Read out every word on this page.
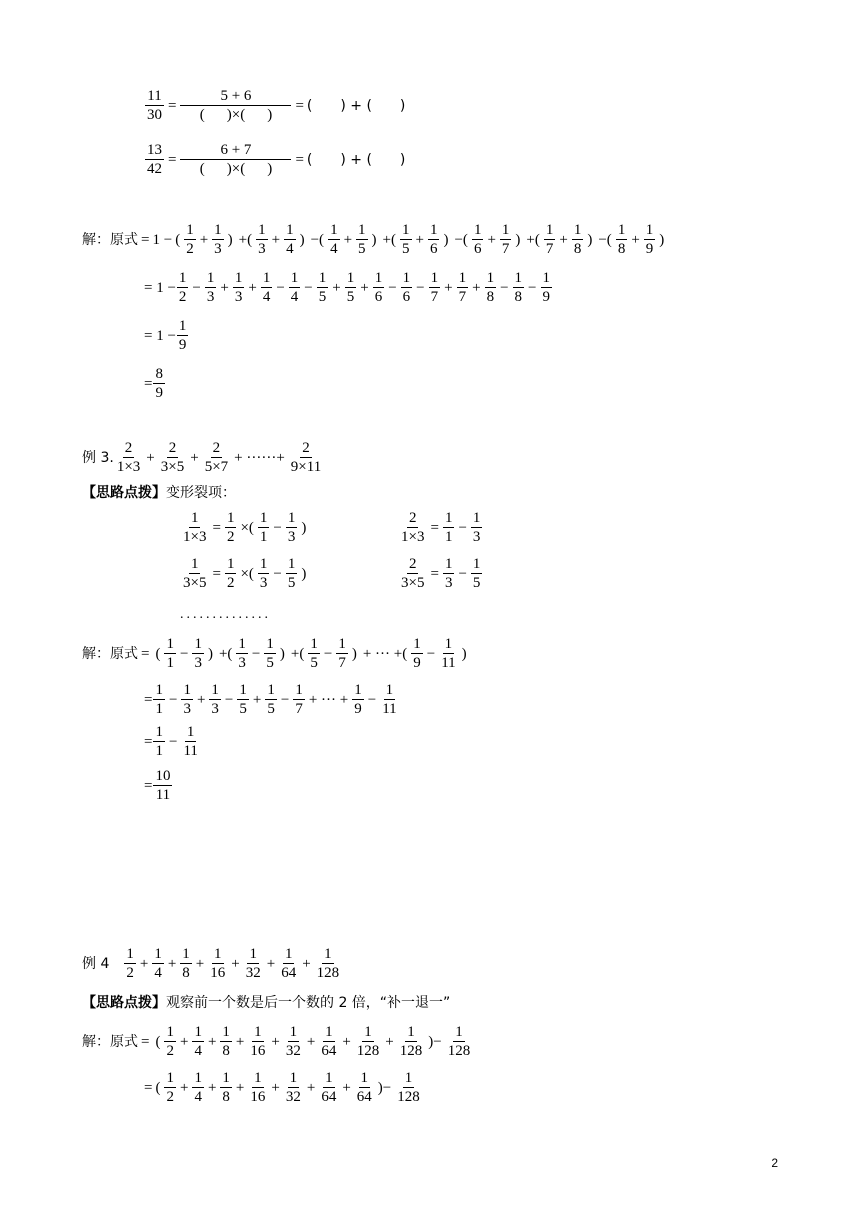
$\frac{11}{30}$ =
5 + 6
( )×( )
= (　　) + (　　)
$\frac{13}{42}$ =
6 + 7
( )×( )
= (　　) + (　　)
解：原式 = 1 − (
1
2
+ $\frac{1}{3}$ ) +(
1
3
+ $\frac{1}{4}$ ) −(
1
4
+ $\frac{1}{5}$ ) +(
1
5
+ $\frac{1}{6}$ ) −(
1
6
+ $\frac{1}{7}$ ) +(
1
7
+ $\frac{1}{8}$ ) −(
1
8
+ $\frac{1}{9}$ )
= $1 - \frac{1}{2} - \frac{1}{3} + \frac{1}{3} + \frac{1}{4} - \frac{1}{4} - \frac{1}{5} + \frac{1}{5} + \frac{1}{6} - \frac{1}{6} - \frac{1}{7} + \frac{1}{7} + \frac{1}{8} - \frac{1}{8} - \frac{1}{9}$
= $1 - \frac{1}{9}$
= $\frac{8}{9}$
例 3.
2
1×3
+ $\frac{2}{3\times 5} + \frac{2}{5\times 7}$ + ······+ $\frac{2}{9\times 11}$
【思路点拨】 变形裂项：
$\frac{1}{1\times 3} = \frac{1}{2}$ ×(
1
1
− $\frac{1}{3}$ )
$\frac{1}{3\times 5} = \frac{1}{2}$ ×(
1
3
− $\frac{1}{5}$ )
$\frac{2}{1\times 3} = \frac{1}{1} - \frac{1}{3}$
$\frac{2}{3\times 5} = \frac{1}{3} - \frac{1}{5}$
..............
解：原式 = (
1
1
− $\frac{1}{3}$ ) +(
1
3
− $\frac{1}{5}$ ) +(
1
5
− $\frac{1}{7}$ ) + ··· +(
1
9
− $\frac{1}{11}$ )
= $\frac{1}{1} - \frac{1}{3} + \frac{1}{3} - \frac{1}{5} + \frac{1}{5} - \frac{1}{7}$ + ··· + $\frac{1}{9} - \frac{1}{11}$
= $\frac{1}{1} - \frac{1}{11}$
= $\frac{10}{11}$
例 4
1
2
+ $\frac{1}{4} + \frac{1}{8} + \frac{1}{16} + \frac{1}{32} + \frac{1}{64} + \frac{1}{128}$
【思路点拨】 观察前一个数是后一个数的 2 倍，“补一退一”
解：原式 = (
1
2
+ $\frac{1}{4} + \frac{1}{8} + \frac{1}{16} + \frac{1}{32} + \frac{1}{64} + \frac{1}{128} + \frac{1}{128}$ )− $\frac{1}{128}$
= (
1
2
+ $\frac{1}{4} + \frac{1}{8} + \frac{1}{16} + \frac{1}{32} + \frac{1}{64} + \frac{1}{64}$ )− $\frac{1}{128}$
2
